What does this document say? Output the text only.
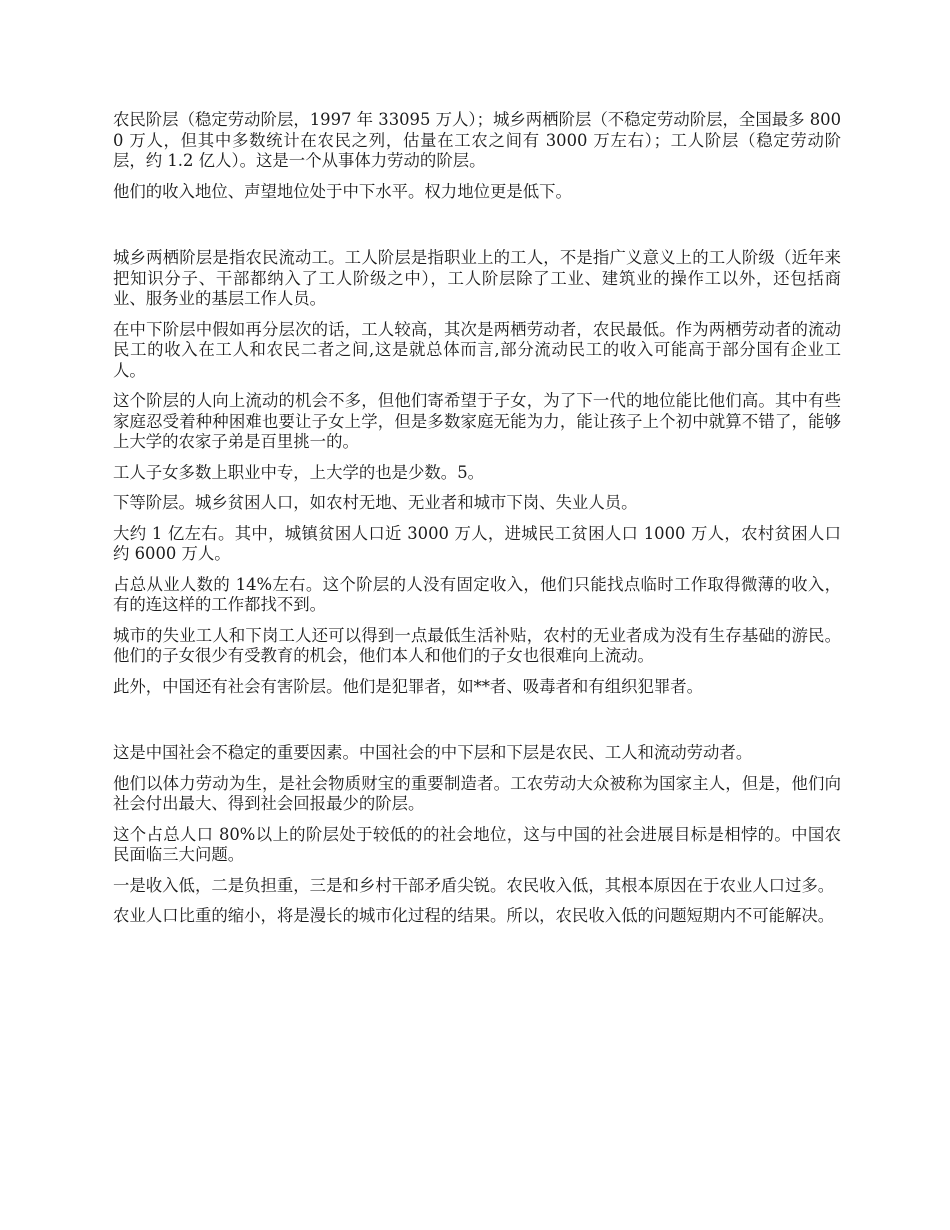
农民阶层（稳定劳动阶层，1997 年 33095 万人）；城乡两栖阶层（不稳定劳动阶层，全国最多 8000 万人，但其中多数统计在农民之列，估量在工农之间有 3000 万左右）；工人阶层（稳定劳动阶层，约 1.2 亿人）。这是一个从事体力劳动的阶层。

他们的收入地位、声望地位处于中下水平。权力地位更是低下。

城乡两栖阶层是指农民流动工。工人阶层是指职业上的工人，不是指广义意义上的工人阶级（近年来把知识分子、干部都纳入了工人阶级之中），工人阶层除了工业、建筑业的操作工以外，还包括商业、服务业的基层工作人员。

在中下阶层中假如再分层次的话，工人较高，其次是两栖劳动者，农民最低。作为两栖劳动者的流动民工的收入在工人和农民二者之间,这是就总体而言,部分流动民工的收入可能高于部分国有企业工人。

这个阶层的人向上流动的机会不多，但他们寄希望于子女，为了下一代的地位能比他们高。其中有些家庭忍受着种种困难也要让子女上学，但是多数家庭无能为力，能让孩子上个初中就算不错了，能够上大学的农家子弟是百里挑一的。

工人子女多数上职业中专，上大学的也是少数。5。

下等阶层。城乡贫困人口，如农村无地、无业者和城市下岗、失业人员。

大约 1 亿左右。其中，城镇贫困人口近 3000 万人，进城民工贫困人口 1000 万人，农村贫困人口约 6000 万人。

占总从业人数的 14%左右。这个阶层的人没有固定收入，他们只能找点临时工作取得微薄的收入，有的连这样的工作都找不到。

城市的失业工人和下岗工人还可以得到一点最低生活补贴，农村的无业者成为没有生存基础的游民。他们的子女很少有受教育的机会，他们本人和他们的子女也很难向上流动。

此外，中国还有社会有害阶层。他们是犯罪者，如**者、吸毒者和有组织犯罪者。

这是中国社会不稳定的重要因素。中国社会的中下层和下层是农民、工人和流动劳动者。

他们以体力劳动为生，是社会物质财宝的重要制造者。工农劳动大众被称为国家主人，但是，他们向社会付出最大、得到社会回报最少的阶层。

这个占总人口 80%以上的阶层处于较低的的社会地位，这与中国的社会进展目标是相悖的。中国农民面临三大问题。

一是收入低，二是负担重，三是和乡村干部矛盾尖锐。农民收入低，其根本原因在于农业人口过多。

农业人口比重的缩小，将是漫长的城市化过程的结果。所以，农民收入低的问题短期内不可能解决。
